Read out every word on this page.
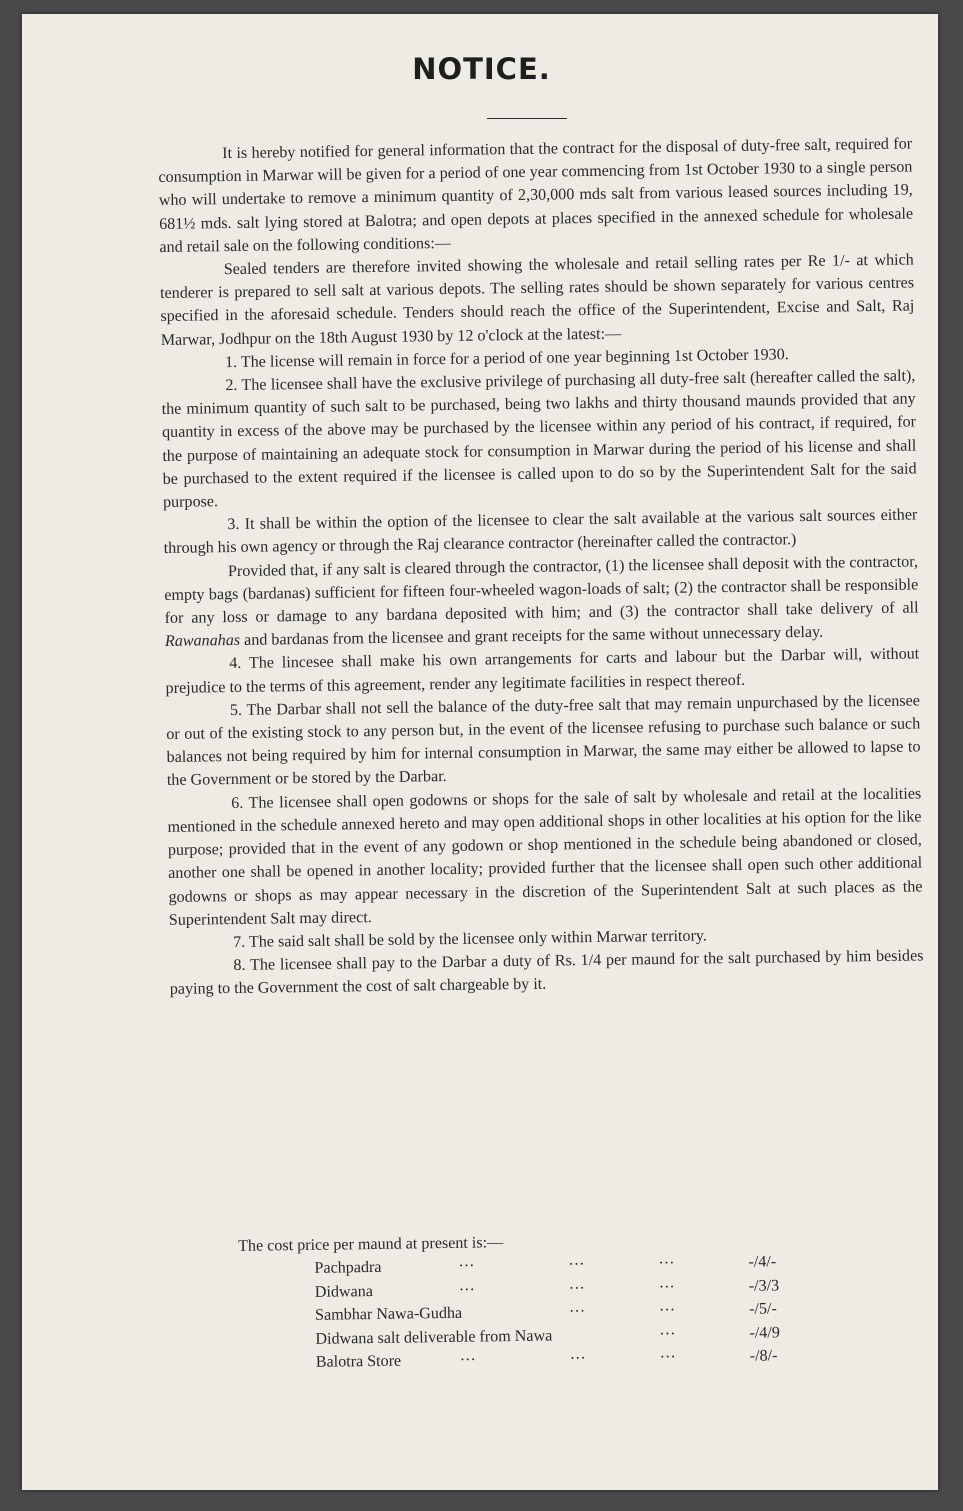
NOTICE.

It is hereby notified for general information that the contract for the disposal of duty-free salt, required for consumption in Marwar will be given for a period of one year commencing from 1st October 1930 to a single person who will undertake to remove a minimum quantity of 2,30,000 mds salt from various leased sources including 19, 681½ mds. salt lying stored at Balotra; and open depots at places specified in the annexed schedule for wholesale and retail sale on the following conditions:—

Sealed tenders are therefore invited showing the wholesale and retail selling rates per Re 1/- at which tenderer is prepared to sell salt at various depots. The selling rates should be shown separately for various centres specified in the aforesaid schedule. Tenders should reach the office of the Superintendent, Excise and Salt, Raj Marwar, Jodhpur on the 18th August 1930 by 12 o'clock at the latest:—

1. The license will remain in force for a period of one year beginning 1st October 1930.

2. The licensee shall have the exclusive privilege of purchasing all duty-free salt (hereafter called the salt), the minimum quantity of such salt to be purchased, being two lakhs and thirty thousand maunds provided that any quantity in excess of the above may be purchased by the licensee within any period of his contract, if required, for the purpose of maintaining an adequate stock for consumption in Marwar during the period of his license and shall be purchased to the extent required if the licensee is called upon to do so by the Superintendent Salt for the said purpose.

3. It shall be within the option of the licensee to clear the salt available at the various salt sources either through his own agency or through the Raj clearance contractor (hereinafter called the contractor.)

Provided that, if any salt is cleared through the contractor, (1) the licensee shall deposit with the contractor, empty bags (bardanas) sufficient for fifteen four-wheeled wagon-loads of salt; (2) the contractor shall be responsible for any loss or damage to any bardana deposited with him; and (3) the contractor shall take delivery of all Rawanahas and bardanas from the licensee and grant receipts for the same without unnecessary delay.

4. The lincesee shall make his own arrangements for carts and labour but the Darbar will, without prejudice to the terms of this agreement, render any legitimate facilities in respect thereof.

5. The Darbar shall not sell the balance of the duty-free salt that may remain unpurchased by the licensee or out of the existing stock to any person but, in the event of the licensee refusing to purchase such balance or such balances not being required by him for internal consumption in Marwar, the same may either be allowed to lapse to the Government or be stored by the Darbar.

6. The licensee shall open godowns or shops for the sale of salt by wholesale and retail at the localities mentioned in the schedule annexed hereto and may open additional shops in other localities at his option for the like purpose; provided that in the event of any godown or shop mentioned in the schedule being abandoned or closed, another one shall be opened in another locality; provided further that the licensee shall open such other additional godowns or shops as may appear necessary in the discretion of the Superintendent Salt at such places as the Superintendent Salt may direct.

7. The said salt shall be sold by the licensee only within Marwar territory.

8. The licensee shall pay to the Darbar a duty of Rs. 1/4 per maund for the salt purchased by him besides paying to the Government the cost of salt chargeable by it.

The cost price per maund at present is:—
Pachpadra	···	···	···	-/4/-
Didwana	···	···	···	-/3/3
Sambhar Nawa-Gudha	···	···	-/5/-
Didwana salt deliverable from Nawa	···	-/4/9
Balotra Store	···	···	···	-/8/-
